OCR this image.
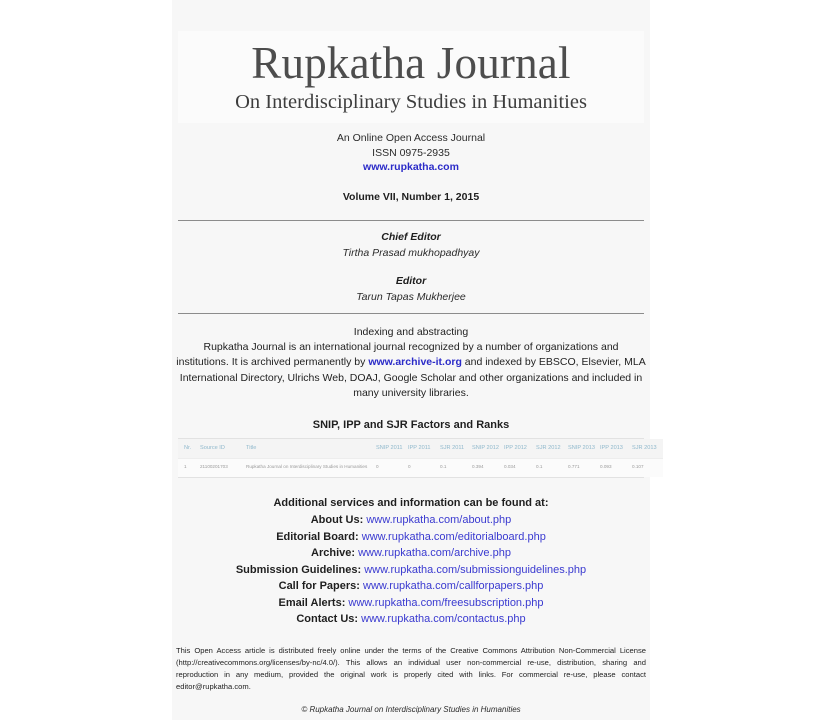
Rupkatha Journal
On Interdisciplinary Studies in Humanities
An Online Open Access Journal
ISSN 0975-2935
www.rupkatha.com
Volume VII, Number 1, 2015
Chief Editor
Tirtha Prasad mukhopadhyay
Editor
Tarun Tapas Mukherjee
Indexing and abstracting
Rupkatha Journal is an international journal recognized by a number of organizations and institutions. It is archived permanently by www.archive-it.org and indexed by EBSCO, Elsevier, MLA International Directory, Ulrichs Web, DOAJ, Google Scholar and other organizations and included in many university libraries.
SNIP, IPP and SJR Factors and Ranks
Nr.	Source ID	Title	SNIP 2011	IPP 2011	SJR 2011	SNIP 2012	IPP 2012	SJR 2012	SNIP 2013	IPP 2013	SJR 2013
1	21100201703	Rupkatha Journal on Interdisciplinary Studies in Humanities	0	0	0.1	0.394	0.034	0.1	0.771	0.093	0.107
Additional services and information can be found at:
About Us: www.rupkatha.com/about.php
Editorial Board: www.rupkatha.com/editorialboard.php
Archive: www.rupkatha.com/archive.php
Submission Guidelines: www.rupkatha.com/submissionguidelines.php
Call for Papers: www.rupkatha.com/callforpapers.php
Email Alerts: www.rupkatha.com/freesubscription.php
Contact Us: www.rupkatha.com/contactus.php
This Open Access article is distributed freely online under the terms of the Creative Commons Attribution Non-Commercial License (http://creativecommons.org/licenses/by-nc/4.0/). This allows an individual user non-commercial re-use, distribution, sharing and reproduction in any medium, provided the original work is properly cited with links. For commercial re-use, please contact editor@rupkatha.com.
© Rupkatha Journal on Interdisciplinary Studies in Humanities
